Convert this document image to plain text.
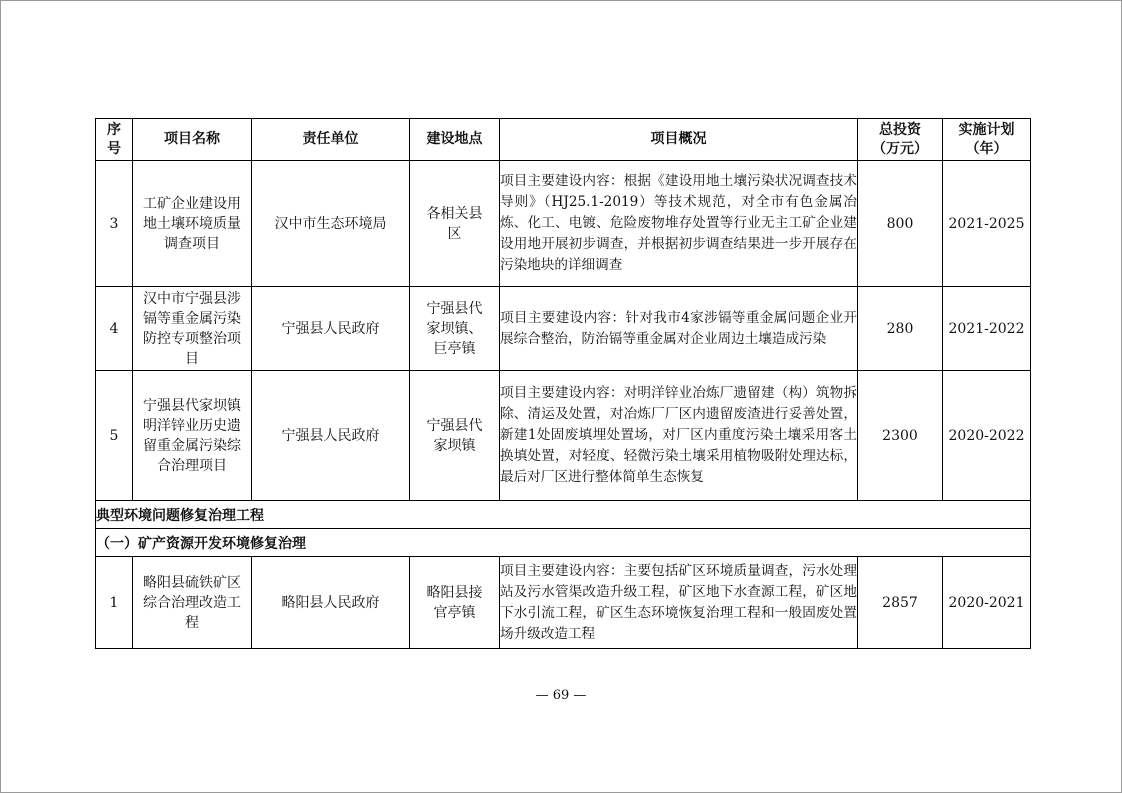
序号	项目名称	责任单位	建设地点	项目概况	总投资（万元）	实施计划（年）
3	工矿企业建设用地土壤环境质量调查项目	汉中市生态环境局	各相关县区	项目主要建设内容：根据《建设用地土壤污染状况调查技术导则》（HJ25.1-2019）等技术规范，对全市有色金属冶炼、化工、电镀、危险废物堆存处置等行业无主工矿企业建设用地开展初步调查，并根据初步调查结果进一步开展存在污染地块的详细调查	800	2021-2025
4	汉中市宁强县涉镉等重金属污染防控专项整治项目	宁强县人民政府	宁强县代家坝镇、巨亭镇	项目主要建设内容：针对我市4家涉镉等重金属问题企业开展综合整治，防治镉等重金属对企业周边土壤造成污染	280	2021-2022
5	宁强县代家坝镇明洋锌业历史遗留重金属污染综合治理项目	宁强县人民政府	宁强县代家坝镇	项目主要建设内容：对明洋锌业冶炼厂遗留建（构）筑物拆除、清运及处置，对冶炼厂厂区内遗留废渣进行妥善处置，新建1处固废填埋处置场，对厂区内重度污染土壤采用客土换填处置，对轻度、轻微污染土壤采用植物吸附处理达标，最后对厂区进行整体简单生态恢复	2300	2020-2022
典型环境问题修复治理工程						
（一）矿产资源开发环境修复治理						
1	略阳县硫铁矿区综合治理改造工程	略阳县人民政府	略阳县接官亭镇	项目主要建设内容：主要包括矿区环境质量调查，污水处理站及污水管渠改造升级工程，矿区地下水查源工程，矿区地下水引流工程，矿区生态环境恢复治理工程和一般固废处置场升级改造工程	2857	2020-2021
— 69 —
